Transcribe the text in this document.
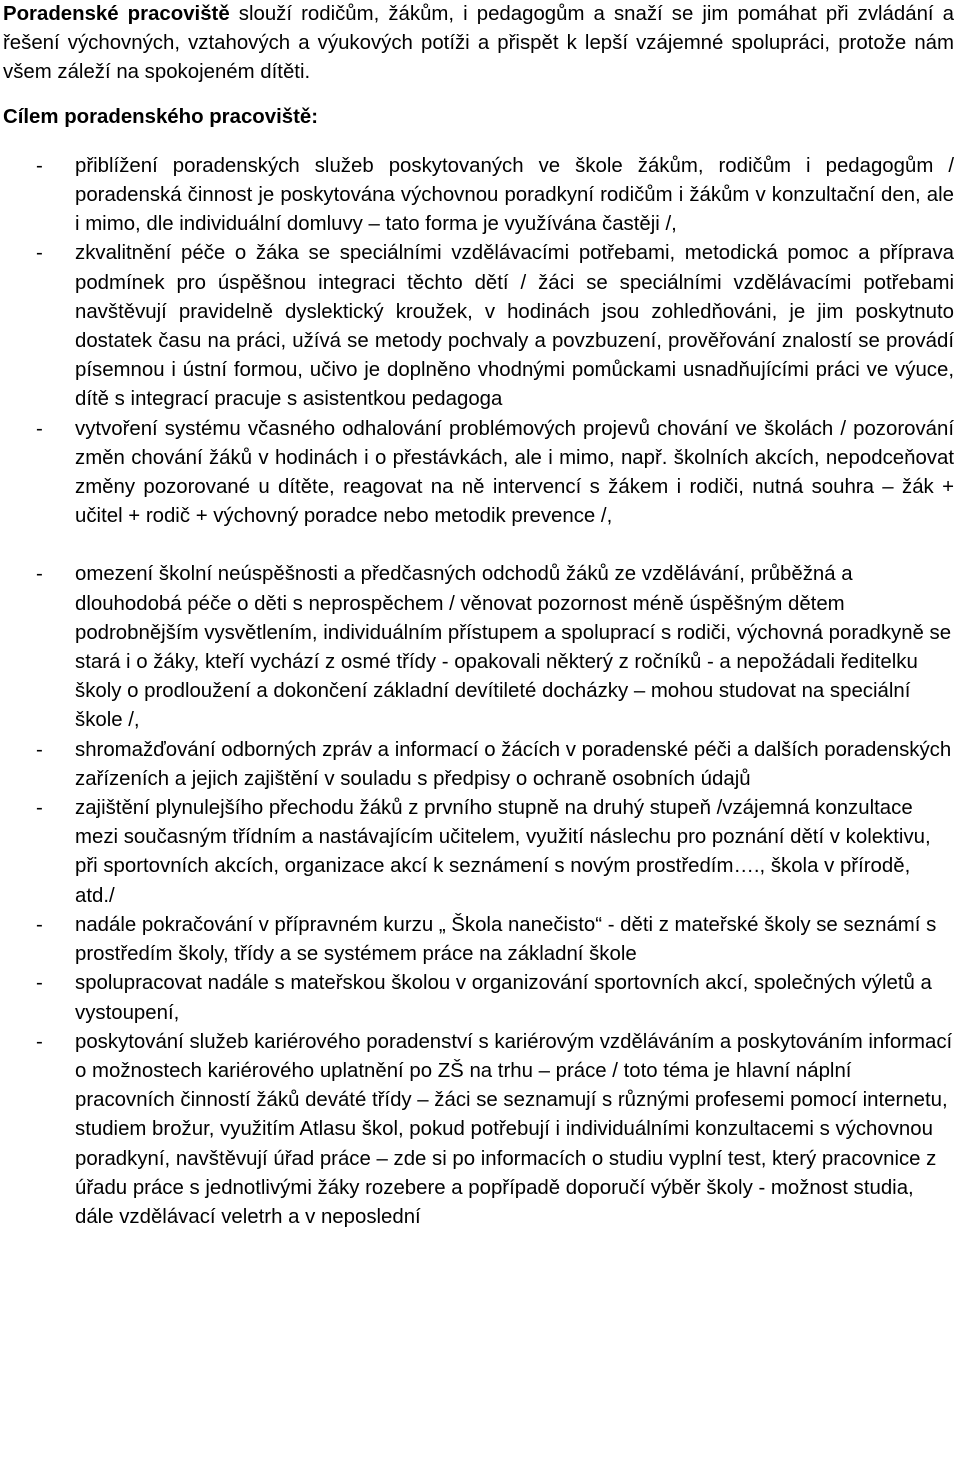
Poradenské pracoviště slouží rodičům, žákům, i pedagogům a snaží se jim pomáhat při zvládání a řešení výchovných, vztahových a výukových potíži a přispět k lepší vzájemné spolupráci, protože nám všem záleží na spokojeném dítěti.

Cílem poradenského pracoviště:
- přiblížení poradenských služeb poskytovaných ve škole žákům, rodičům i pedagogům / poradenská činnost je poskytována výchovnou poradkyní rodičům i žákům v konzultační den, ale i mimo, dle individuální domluvy – tato forma je využívána častěji /,
- zkvalitnění péče o žáka se speciálními vzdělávacími potřebami, metodická pomoc a příprava podmínek pro úspěšnou integraci těchto dětí / žáci se speciálními vzdělávacími potřebami navštěvují pravidelně dyslektický kroužek, v hodinách jsou zohledňováni, je jim poskytnuto dostatek času na práci, užívá se metody pochvaly a povzbuzení, prověřování znalostí se provádí písemnou i ústní formou, učivo je doplněno vhodnými pomůckami usnadňujícími práci ve výuce, dítě s integrací pracuje s asistentkou pedagoga
- vytvoření systému včasného odhalování problémových projevů chování ve školách / pozorování změn chování žáků v hodinách i o přestávkách, ale i mimo, např. školních akcích, nepodceňovat změny pozorované u dítěte, reagovat na ně intervencí s žákem i rodiči, nutná souhra – žák + učitel + rodič + výchovný poradce nebo metodik prevence /,
- omezení školní neúspěšnosti a předčasných odchodů žáků ze vzdělávání, průběžná a dlouhodobá péče o děti s neprospěchem / věnovat pozornost méně úspěšným dětem podrobnějším vysvětlením, individuálním přístupem a spoluprací s rodiči, výchovná poradkyně se stará i o žáky, kteří vychází z osmé třídy - opakovali některý z ročníků - a nepožádali ředitelku školy o prodloužení a dokončení základní devítileté docházky – mohou studovat na speciální škole /,
- shromažďování odborných zpráv a informací o žácích v poradenské péči a dalších poradenských zařízeních a jejich zajištění v souladu s předpisy o ochraně osobních údajů
- zajištění plynulejšího přechodu žáků z prvního stupně na druhý stupeň /vzájemná konzultace mezi současným třídním a nastávajícím učitelem, využití náslechu pro poznání dětí v kolektivu, při sportovních akcích, organizace akcí k seznámení s novým prostředím…., škola v přírodě, atd./
- nadále pokračování v přípravném kurzu „ Škola nanečisto“ - děti z mateřské školy se seznámí s prostředím školy, třídy a se systémem práce na základní škole
- spolupracovat nadále s mateřskou školou v organizování sportovních akcí, společných výletů a vystoupení,
- poskytování služeb kariérového poradenství s kariérovým vzděláváním a poskytováním informací o možnostech kariérového uplatnění po ZŠ na trhu – práce / toto téma je hlavní náplní pracovních činností žáků deváté třídy – žáci se seznamují s různými profesemi pomocí internetu, studiem brožur, využitím Atlasu škol, pokud potřebují i individuálními konzultacemi s výchovnou poradkyní, navštěvují úřad práce – zde si po informacích o studiu vyplní test, který pracovnice z úřadu práce s jednotlivými žáky rozebere a popřípadě doporučí výběr školy - možnost studia, dále vzdělávací veletrh a v neposlední
